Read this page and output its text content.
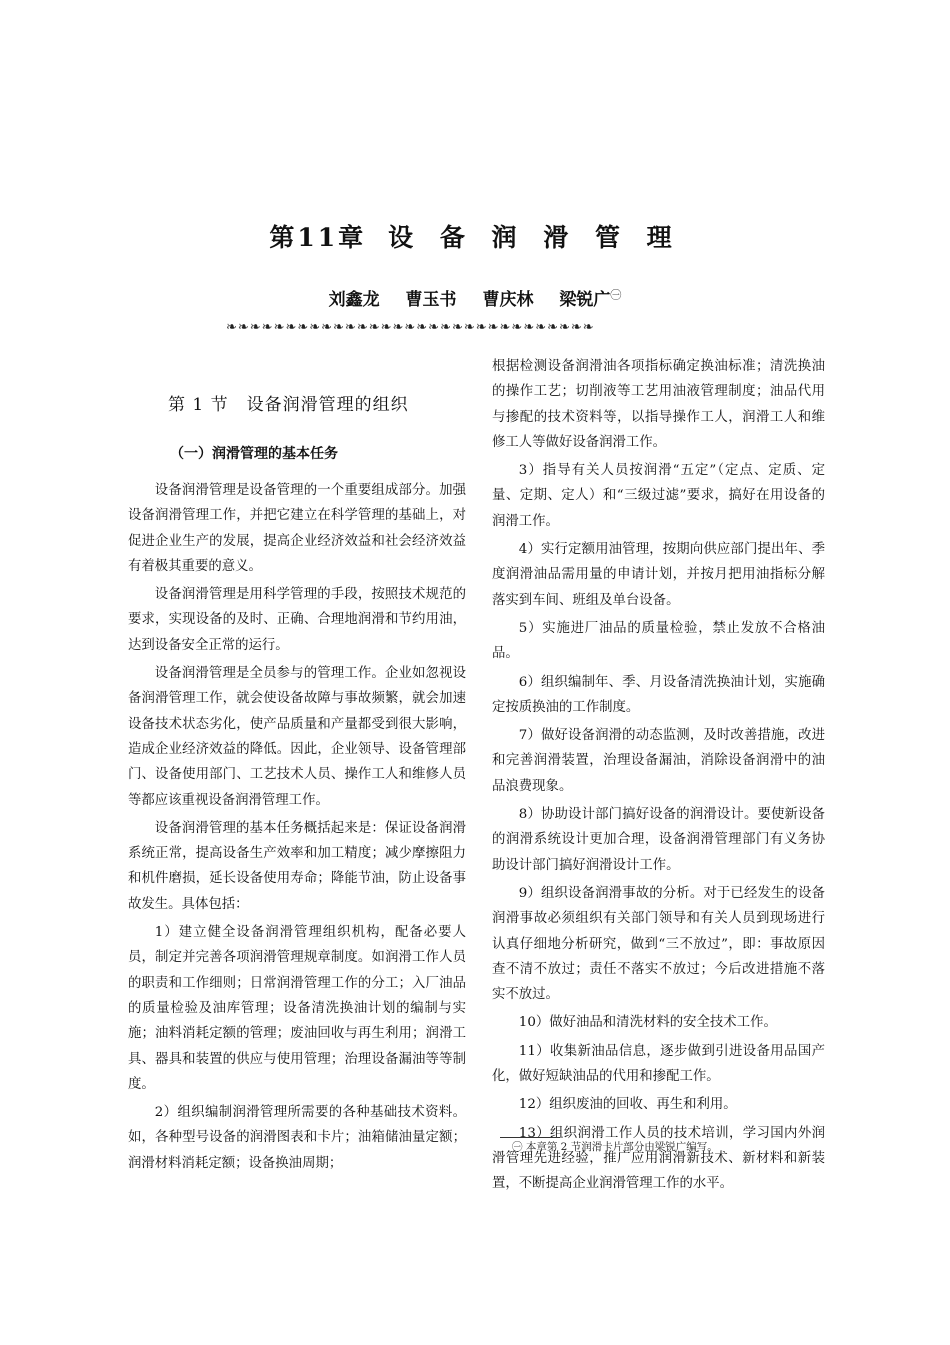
第11章 设 备 润 滑 管 理
刘鑫龙 曹玉书 曹庆林 梁锐广$^㊀$
❧❧❧❧❧❧❧❧❧❧❧❧❧❧❧❧❧❧❧❧❧❧❧❧❧❧❧❧❧❧❧
第 1 节 设备润滑管理的组织
（一）润滑管理的基本任务

设备润滑管理是设备管理的一个重要组成部分。加强设备润滑管理工作，并把它建立在科学管理的基础上，对促进企业生产的发展，提高企业经济效益和社会经济效益有着极其重要的意义。

设备润滑管理是用科学管理的手段，按照技术规范的要求，实现设备的及时、正确、合理地润滑和节约用油，达到设备安全正常的运行。

设备润滑管理是全员参与的管理工作。企业如忽视设备润滑管理工作，就会使设备故障与事故频繁，就会加速设备技术状态劣化，使产品质量和产量都受到很大影响，造成企业经济效益的降低。因此，企业领导、设备管理部门、设备使用部门、工艺技术人员、操作工人和维修人员等都应该重视设备润滑管理工作。

设备润滑管理的基本任务概括起来是：保证设备润滑系统正常，提高设备生产效率和加工精度；减少摩擦阻力和机件磨损，延长设备使用寿命；降能节油，防止设备事故发生。具体包括：

1）建立健全设备润滑管理组织机构，配备必要人员，制定并完善各项润滑管理规章制度。如润滑工作人员的职责和工作细则；日常润滑管理工作的分工；入厂油品的质量检验及油库管理；设备清洗换油计划的编制与实施；油料消耗定额的管理；废油回收与再生利用；润滑工具、器具和装置的供应与使用管理；治理设备漏油等等制度。

2）组织编制润滑管理所需要的各种基础技术资料。如，各种型号设备的润滑图表和卡片；油箱储油量定额；润滑材料消耗定额；设备换油周期；

根据检测设备润滑油各项指标确定换油标准；清洗换油的操作工艺；切削液等工艺用油液管理制度；油品代用与掺配的技术资料等，以指导操作工人，润滑工人和维修工人等做好设备润滑工作。

3）指导有关人员按润滑“五定”（定点、定质、定量、定期、定人）和“三级过滤”要求，搞好在用设备的润滑工作。

4）实行定额用油管理，按期向供应部门提出年、季度润滑油品需用量的申请计划，并按月把用油指标分解落实到车间、班组及单台设备。

5）实施进厂油品的质量检验，禁止发放不合格油品。

6）组织编制年、季、月设备清洗换油计划，实施确定按质换油的工作制度。

7）做好设备润滑的动态监测，及时改善措施，改进和完善润滑装置，治理设备漏油，消除设备润滑中的油品浪费现象。

8）协助设计部门搞好设备的润滑设计。要使新设备的润滑系统设计更加合理，设备润滑管理部门有义务协助设计部门搞好润滑设计工作。

9）组织设备润滑事故的分析。对于已经发生的设备润滑事故必须组织有关部门领导和有关人员到现场进行认真仔细地分析研究，做到“三不放过”，即：事故原因查不清不放过；责任不落实不放过；今后改进措施不落实不放过。

10）做好油品和清洗材料的安全技术工作。

11）收集新油品信息，逐步做到引进设备用品国产化，做好短缺油品的代用和掺配工作。

12）组织废油的回收、再生和利用。

13）组织润滑工作人员的技术培训，学习国内外润滑管理先进经验，推广应用润滑新技术、新材料和新装置，不断提高企业润滑管理工作的水平。

㊀ 本章第 2 节润滑卡片部分由梁锐广编写。
